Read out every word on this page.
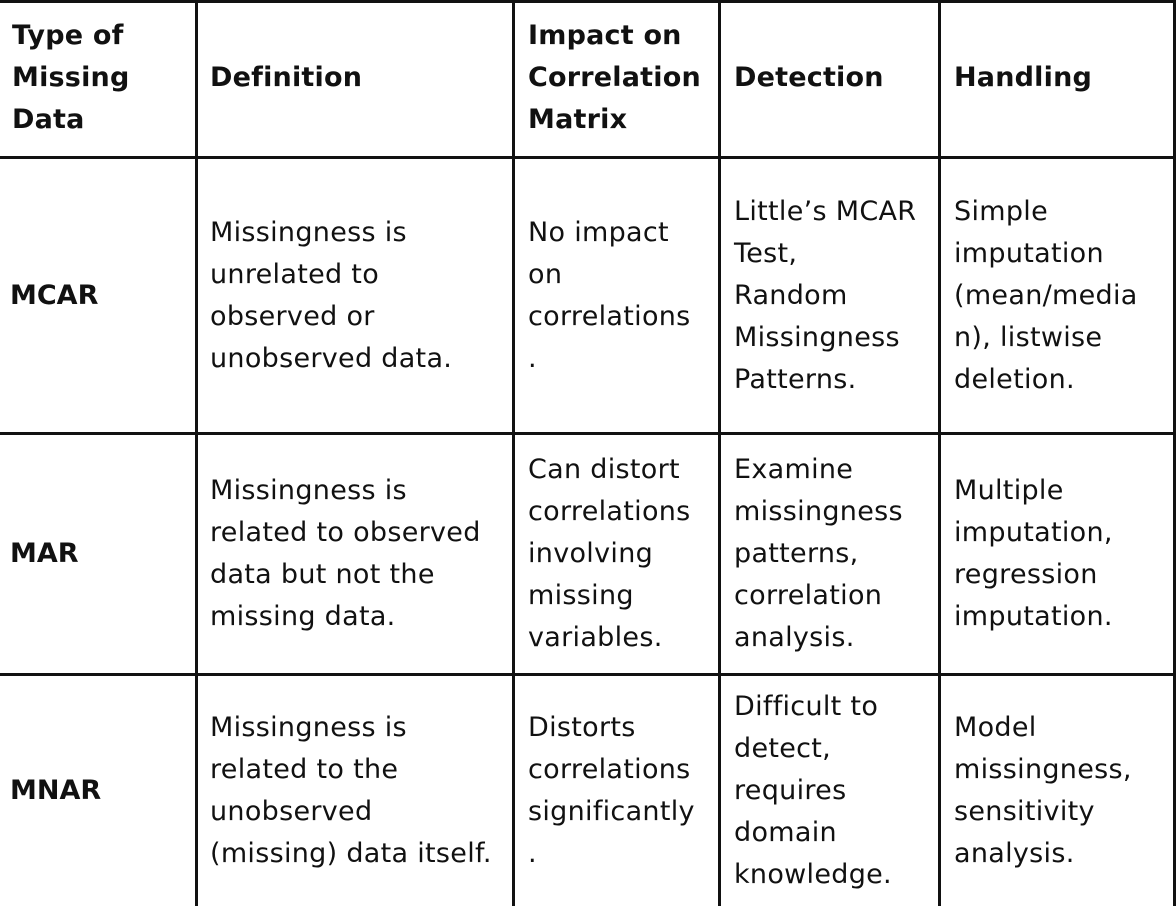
Type of
Missing
Data
Definition
Impact on
Correlation
Matrix
Detection	Handling
MCAR
Missingness is
unrelated to
observed or
unobserved data.
No impact
on
correlations
.
Little’s MCAR
Test,
Random
Missingness
Patterns.
Simple
imputation
(mean/media
n), listwise
deletion.
MAR
Missingness is
related to observed
data but not the
missing data.
Can distort
correlations
involving
missing
variables.
Examine
missingness
patterns,
correlation
analysis.
Multiple
imputation,
regression
imputation.
MNAR
Missingness is
related to the
unobserved
(missing) data itself.
Distorts
correlations
significantly
.
Difficult to
detect,
requires
domain
knowledge.
Model
missingness,
sensitivity
analysis.
